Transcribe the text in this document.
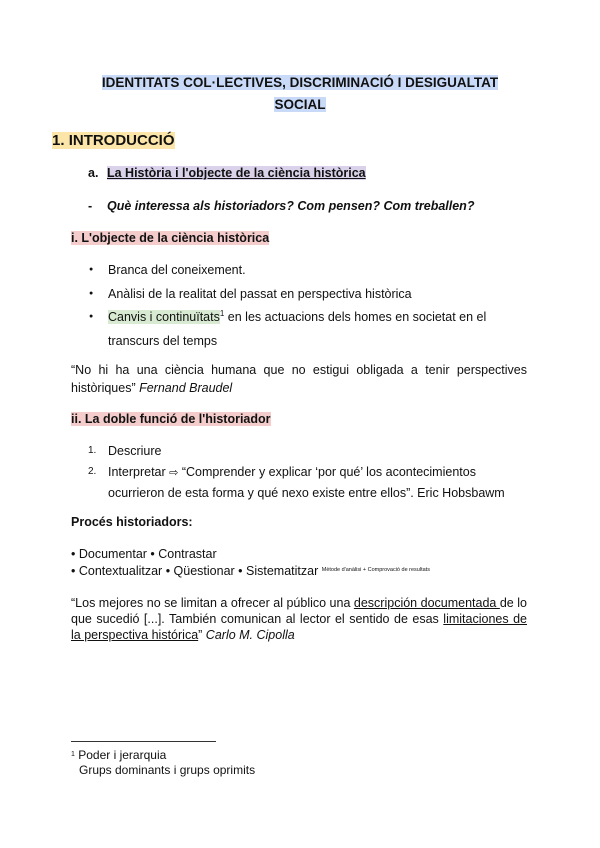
IDENTITATS COL·LECTIVES, DISCRIMINACIÓ I DESIGUALTAT
SOCIAL
1. INTRODUCCIÓ
a. La Història i l'objecte de la ciència històrica
- Què interessa als historiadors? Com pensen? Com treballen?
i. L'objecte de la ciència històrica
● Branca del coneixement.
● Anàlisi de la realitat del passat en perspectiva històrica
● Canvis i continuïtats$^1$ en les actuacions dels homes en societat en el transcurs del temps
“No hi ha una ciència humana que no estigui obligada a tenir perspectives històriques” Fernand Braudel
ii. La doble funció de l'historiador
1. Descriure
2. Interpretar ⇨ “Comprender y explicar ‘por qué’ los acontecimientos ocurrieron de esta forma y qué nexo existe entre ellos”. Eric Hobsbawm
Procés historiadors:
• Documentar • Contrastar
• Contextualitzar • Qüestionar • Sistematitzar $^{Mètode d'anàlisi + Comprovació de resultats}$
“Los mejores no se limitan a ofrecer al público una descripción documentada de lo que sucedió [...]. También comunican al lector el sentido de esas limitaciones de la perspectiva histórica” Carlo M. Cipolla
$^1$ Poder i jerarquia
Grups dominants i grups oprimits
